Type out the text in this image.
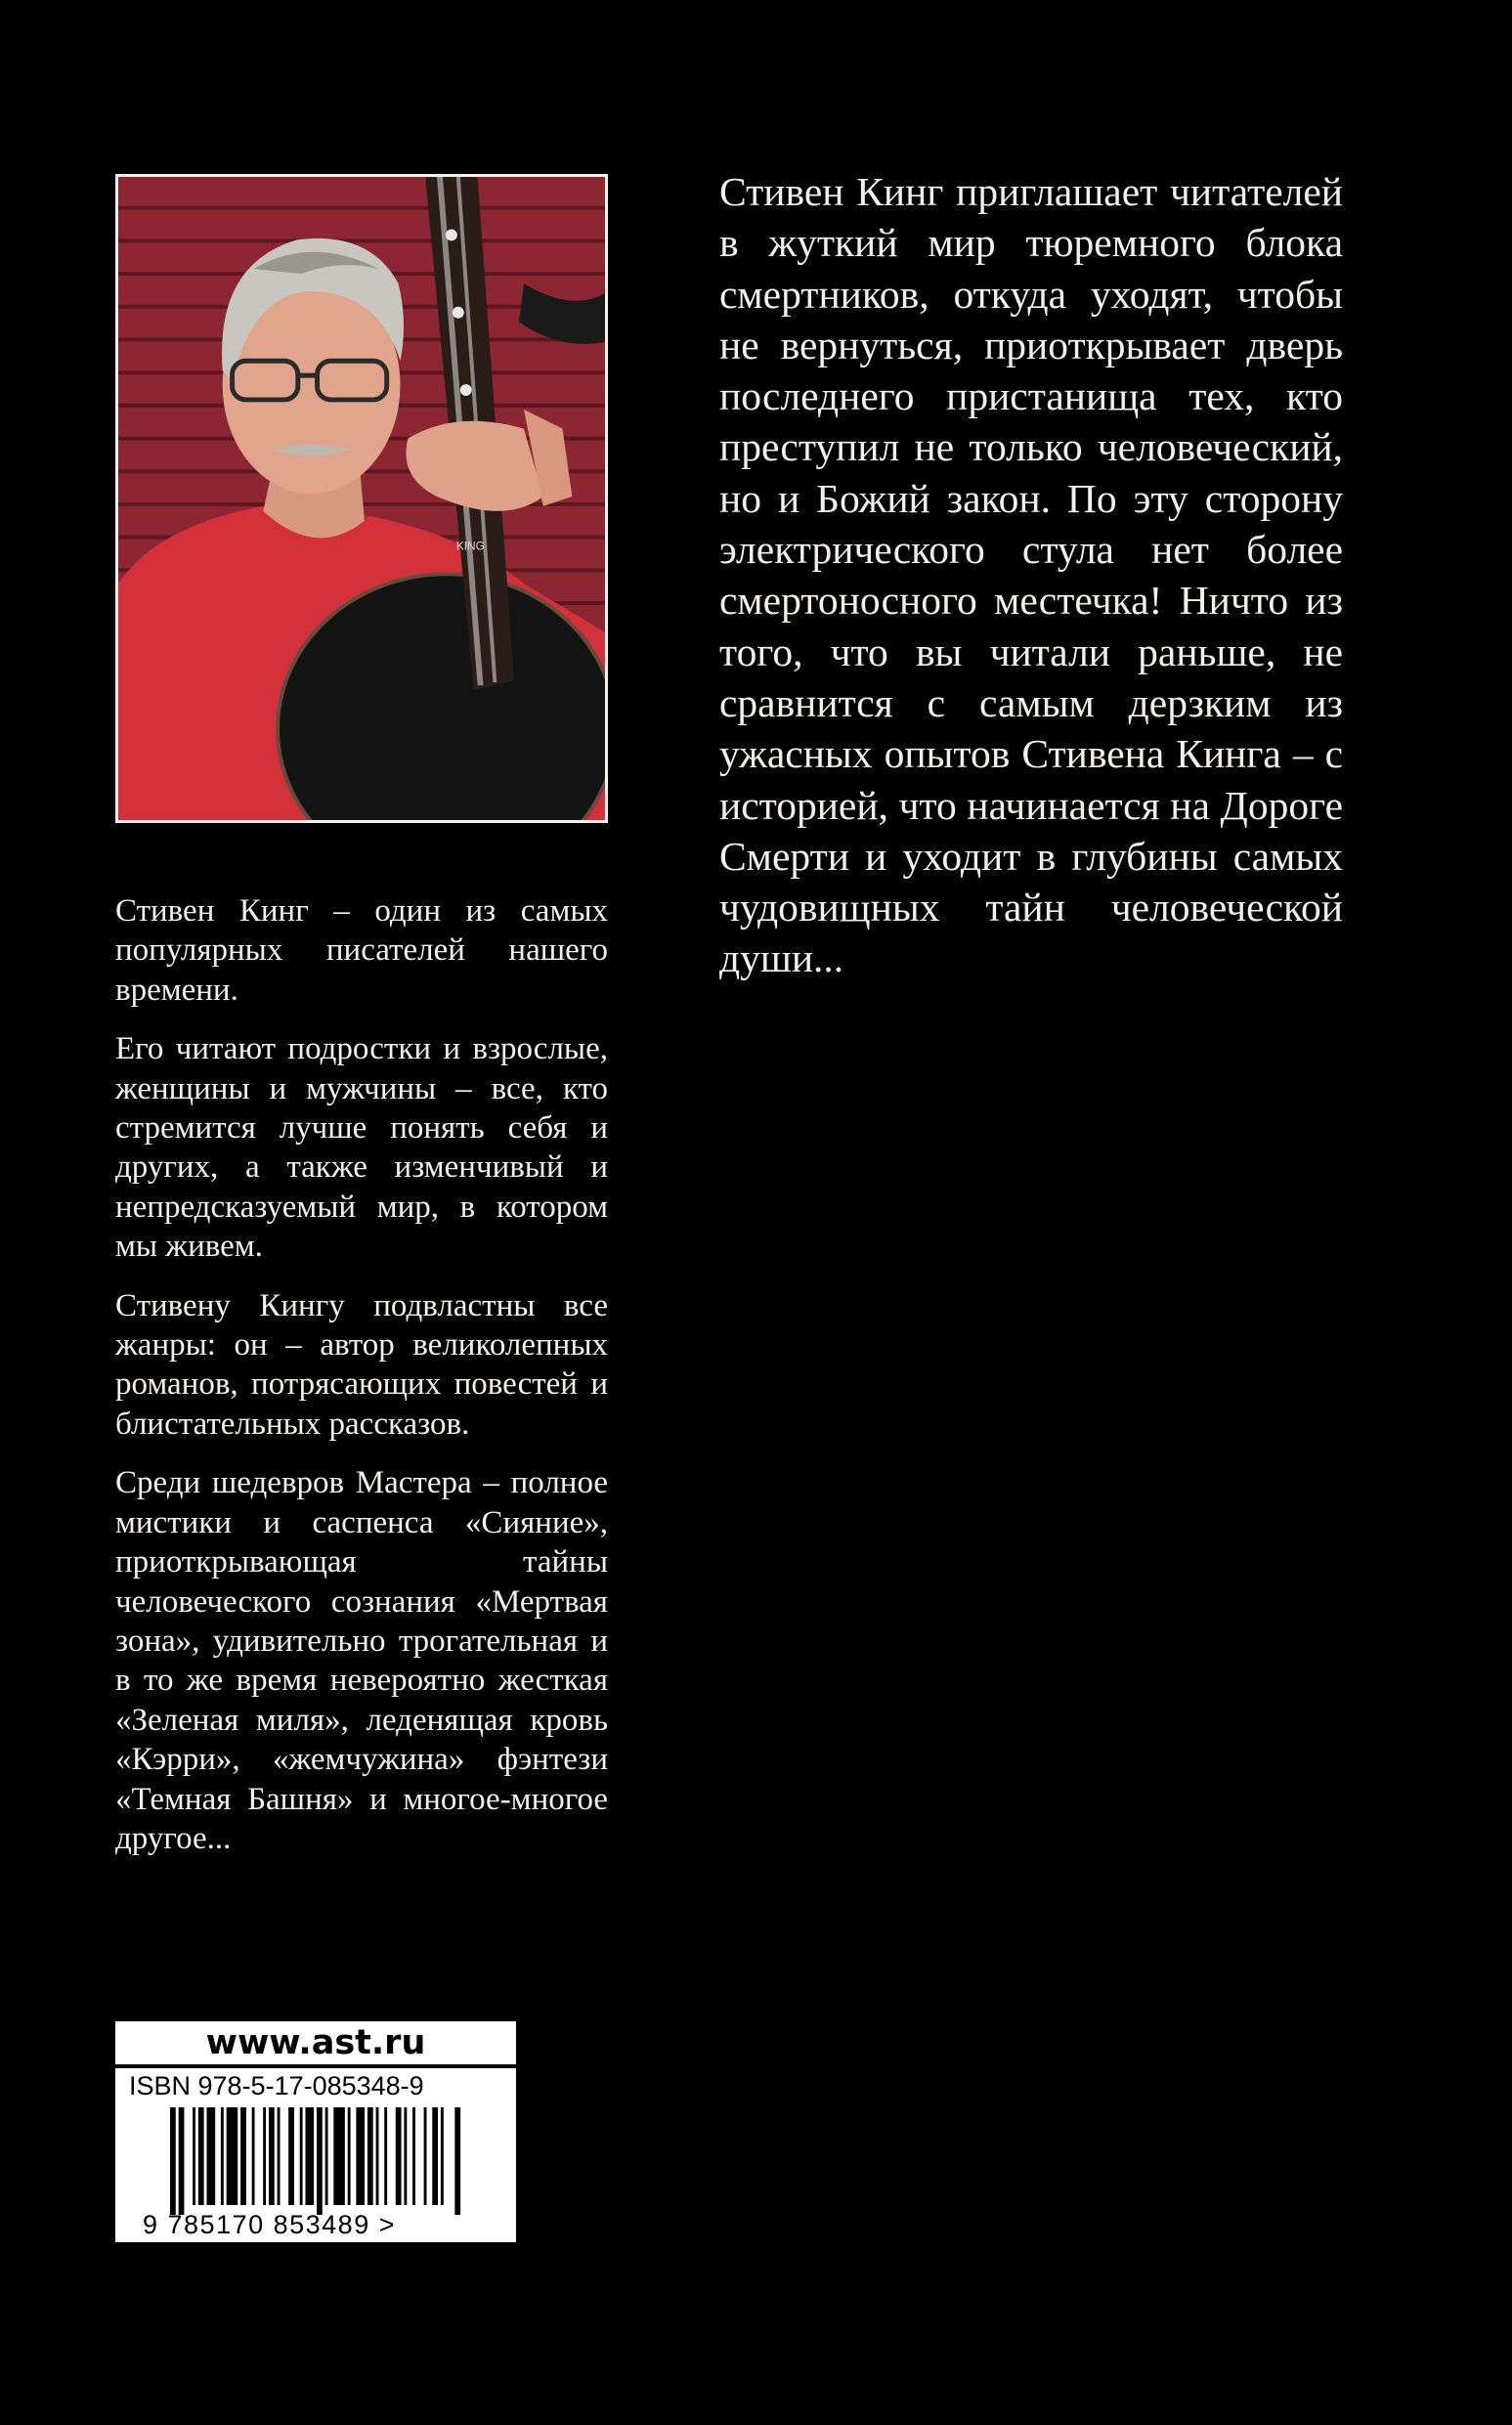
KING

Стивен Кинг – один из самых популярных писателей нашего времени.

Его читают подростки и взрослые, женщины и мужчины – все, кто стремится лучше понять себя и других, а также изменчивый и непредсказуемый мир, в котором мы живем.

Стивену Кингу подвластны все жанры: он – автор великолепных романов, потрясающих повестей и блистательных рассказов.

Среди шедевров Мастера – полное мистики и саспенса «Сияние», приоткрывающая тайны человеческого сознания «Мертвая зона», удивительно трогательная и в то же время невероятно жесткая «Зеленая миля», леденящая кровь «Кэрри», «жемчужина» фэнтези «Темная Башня» и многое-многое другое...

Стивен Кинг приглашает читателей в жуткий мир тюремного блока смертников, откуда уходят, чтобы не вернуться, приоткрывает дверь последнего пристанища тех, кто преступил не только человеческий, но и Божий закон. По эту сторону электрического стула нет более смертоносного местечка! Ничто из того, что вы читали раньше, не сравнится с самым дерзким из ужасных опытов Стивена Кинга – с историей, что начинается на Дороге Смерти и уходит в глубины самых чудовищных тайн человеческой души...

www.ast.ru
ISBN 978-5-17-085348-9
9 785170 853489 >
